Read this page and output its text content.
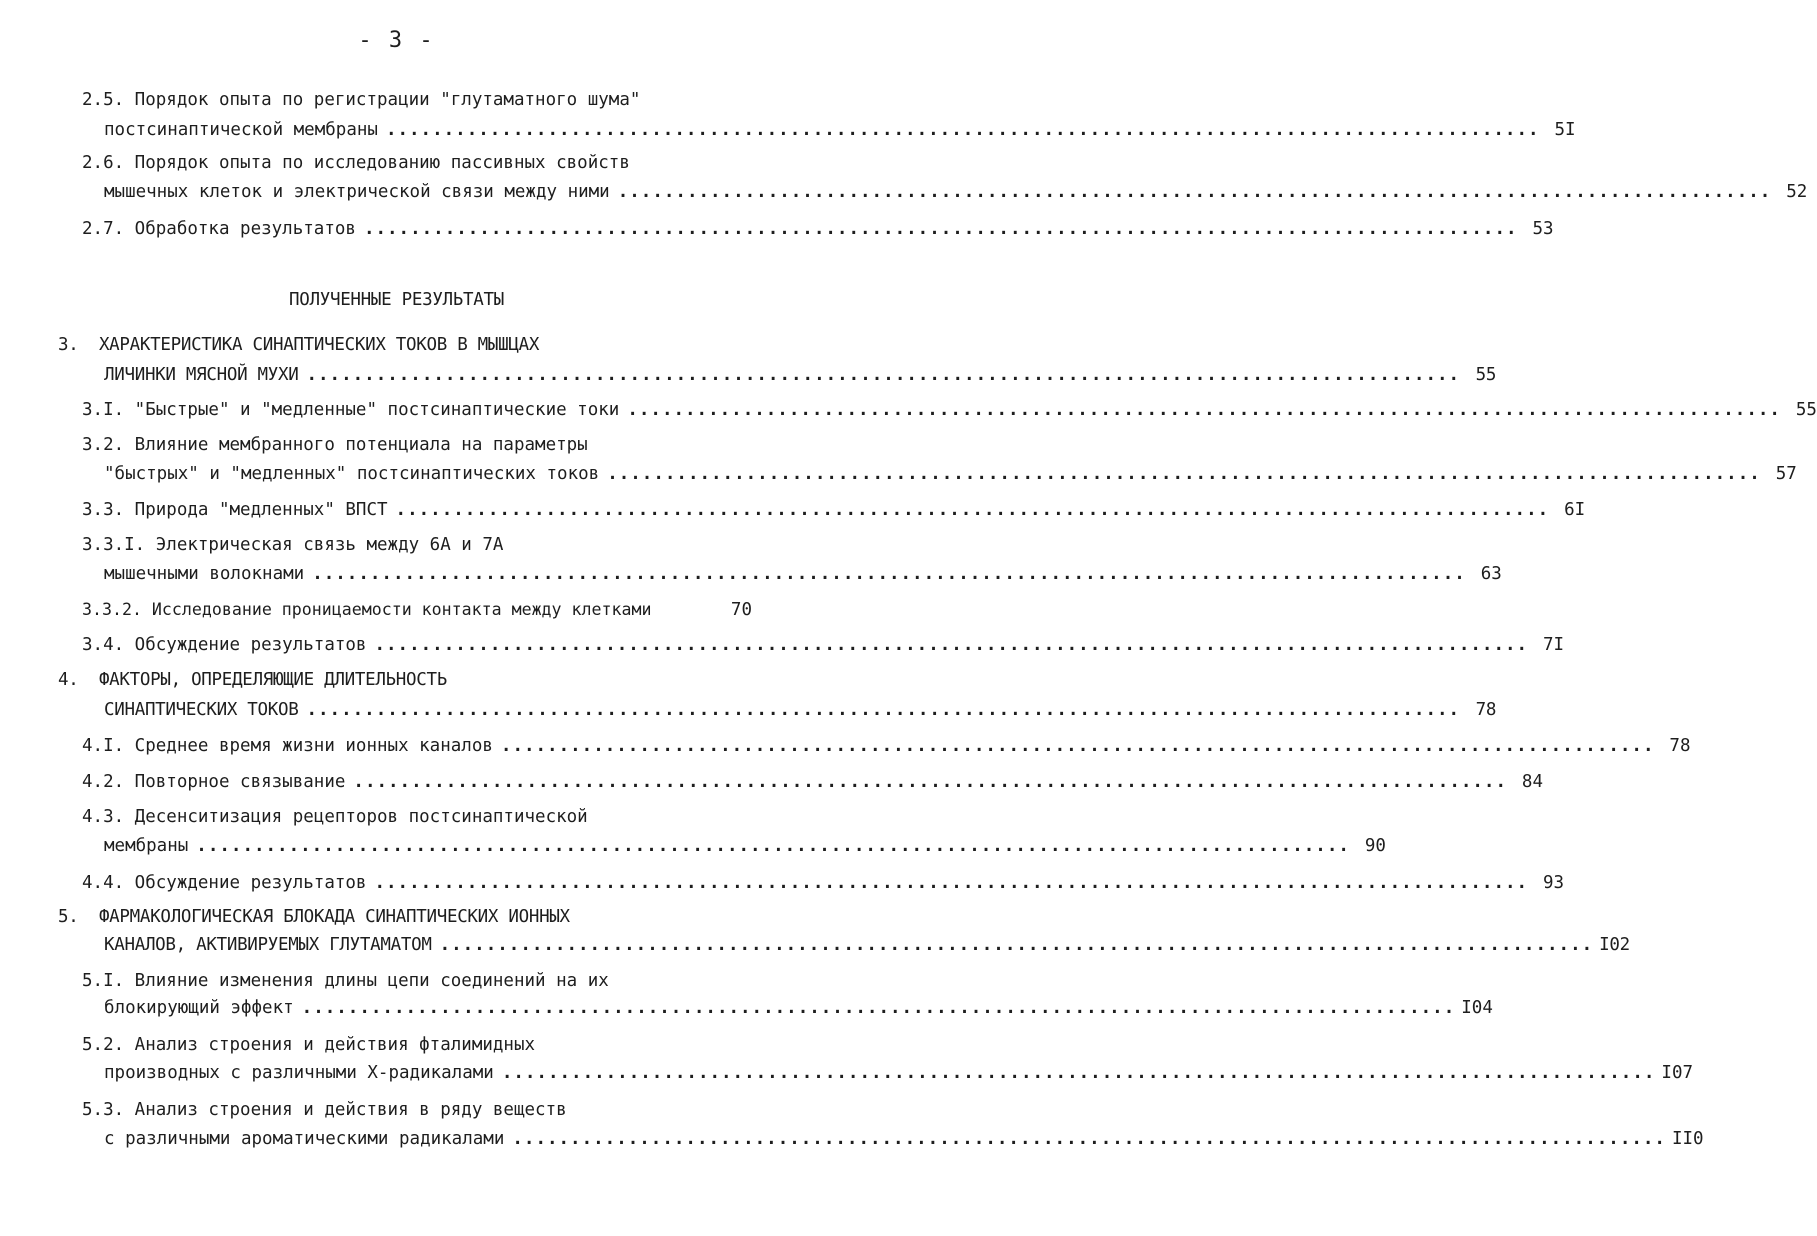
- 3 -
2.5. Порядок опыта по регистрации "глутаматного шума"
постсинаптической мембраны .................................................................................................... 5I
2.6. Порядок опыта по исследованию пассивных свойств
мышечных клеток и электрической связи между ними .................................................................................................... 52
2.7. Обработка результатов .................................................................................................... 53
ПОЛУЧЕННЫЕ РЕЗУЛЬТАТЫ
3.  ХАРАКТЕРИСТИКА СИНАПТИЧЕСКИХ ТОКОВ В МЫШЦАХ
ЛИЧИНКИ МЯСНОЙ МУХИ .................................................................................................... 55
3.I. "Быстрые" и "медленные" постсинаптические токи .................................................................................................... 55
3.2. Влияние мембранного потенциала на параметры
"быстрых" и "медленных" постсинаптических токов .................................................................................................... 57
3.3. Природа "медленных" ВПСТ .................................................................................................... 6I
3.3.I. Электрическая связь между 6А и 7А
мышечными волокнами .................................................................................................... 63
3.3.2. Исследование проницаемости контакта между клетками	70
3.4. Обсуждение результатов .................................................................................................... 7I
4.  ФАКТОРЫ, ОПРЕДЕЛЯЮЩИЕ ДЛИТЕЛЬНОСТЬ
СИНАПТИЧЕСКИХ ТОКОВ .................................................................................................... 78
4.I. Среднее время жизни ионных каналов .................................................................................................... 78
4.2. Повторное связывание .................................................................................................... 84
4.3. Десенситизация рецепторов постсинаптической
мембраны .................................................................................................... 90
4.4. Обсуждение результатов .................................................................................................... 93
5.  ФАРМАКОЛОГИЧЕСКАЯ БЛОКАДА СИНАПТИЧЕСКИХ ИОННЫХ
КАНАЛОВ, АКТИВИРУЕМЫХ ГЛУТАМАТОМ .................................................................................................... I02
5.I. Влияние изменения длины цепи соединений на их
блокирующий эффект .................................................................................................... I04
5.2. Анализ строения и действия фталимидных
производных с различными X-радикалами .................................................................................................... I07
5.3. Анализ строения и действия в ряду веществ
с различными ароматическими радикалами .................................................................................................... II0
